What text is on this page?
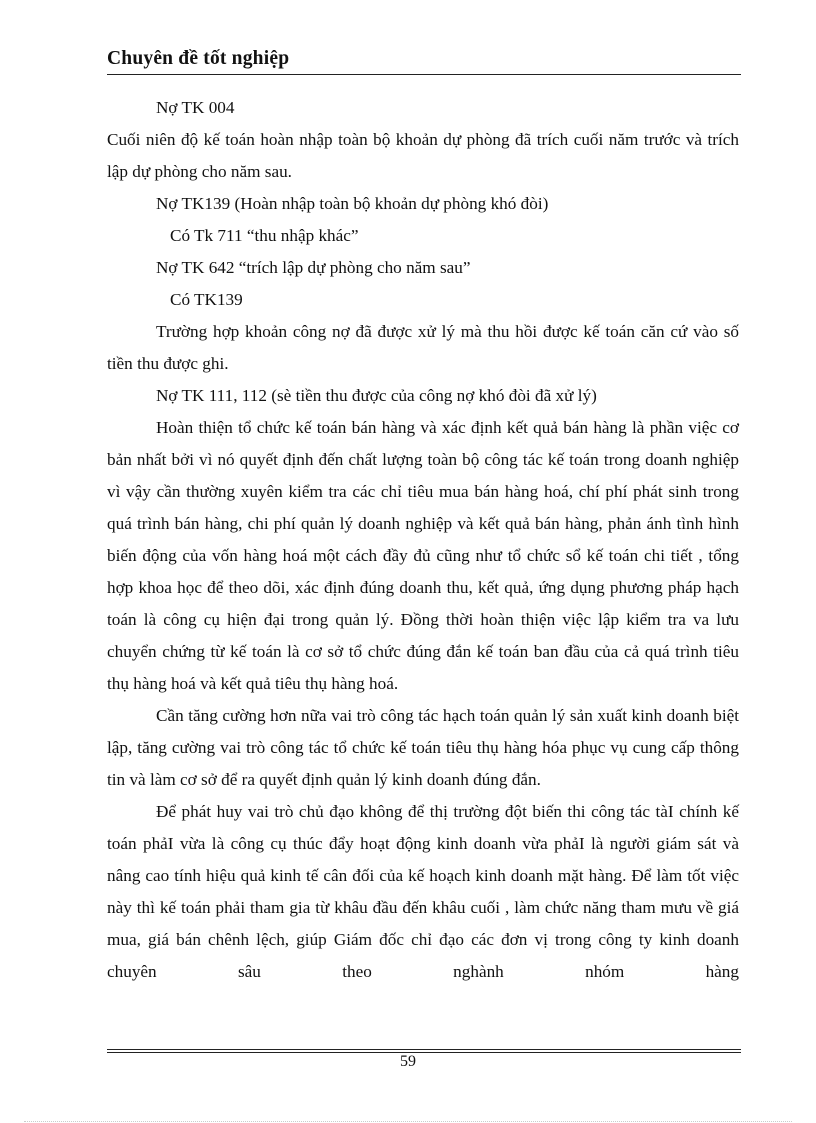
Chuyên đề tốt nghiệp

Nợ TK 004

Cuối niên độ kế toán hoàn nhập toàn bộ khoản dự phòng đã trích cuối năm trước và trích lập dự phòng cho năm sau.

Nợ TK139 (Hoàn nhập toàn bộ khoản dự phòng khó đòi)

Có Tk 711 “thu nhập khác”

Nợ TK 642 “trích lập dự phòng cho năm sau”

Có TK139

Trường hợp khoản công nợ đã được xử lý mà thu hồi được kế toán căn cứ vào số tiền thu được ghi.

Nợ TK 111, 112 (sè tiền thu được của công nợ khó đòi đã xử lý)

Hoàn thiện tổ chức kế toán bán hàng và xác định kết quả bán hàng là phần việc cơ bản nhất bởi vì nó quyết định đến chất lượng toàn bộ công tác kế toán trong doanh nghiệp vì vậy cần thường xuyên kiểm tra các chỉ tiêu mua bán hàng hoá, chí phí phát sinh trong quá trình bán hàng, chi phí quản lý doanh nghiệp và kết quả bán hàng, phản ánh tình hình biến động của vốn hàng hoá một cách đầy đủ cũng như tổ chức sổ kế toán chi tiết , tổng hợp khoa học để theo dõi, xác định đúng doanh thu, kết quả, ứng dụng phương pháp hạch toán là công cụ hiện đại trong quản lý. Đồng thời hoàn thiện việc lập kiểm tra va lưu chuyển chứng từ kế toán là cơ sở tổ chức đúng đắn kế toán ban đầu của cả quá trình tiêu thụ hàng hoá và kết quả tiêu thụ hàng hoá.

Cần tăng cường hơn nữa vai trò công tác hạch toán quản lý sản xuất kinh doanh biệt lập, tăng cường vai trò công tác tổ chức kế toán tiêu thụ hàng hóa phục vụ cung cấp thông tin và làm cơ sở để ra quyết định quản lý kinh doanh đúng đắn.

Để phát huy vai trò chủ đạo không để thị trường đột biến thi công tác tàI chính kế toán phảI vừa là công cụ thúc đẩy hoạt động kinh doanh vừa phảI là người giám sát và nâng cao tính hiệu quả kinh tế cân đối của kế hoạch kinh doanh mặt hàng. Để làm tốt việc này thì kế toán phải tham gia từ khâu đầu đến khâu cuối , làm chức năng tham mưu về giá mua, giá bán chênh lệch, giúp Giám đốc chỉ đạo các đơn vị trong công ty kinh doanh chuyên sâu theo nghành nhóm hàng

59
